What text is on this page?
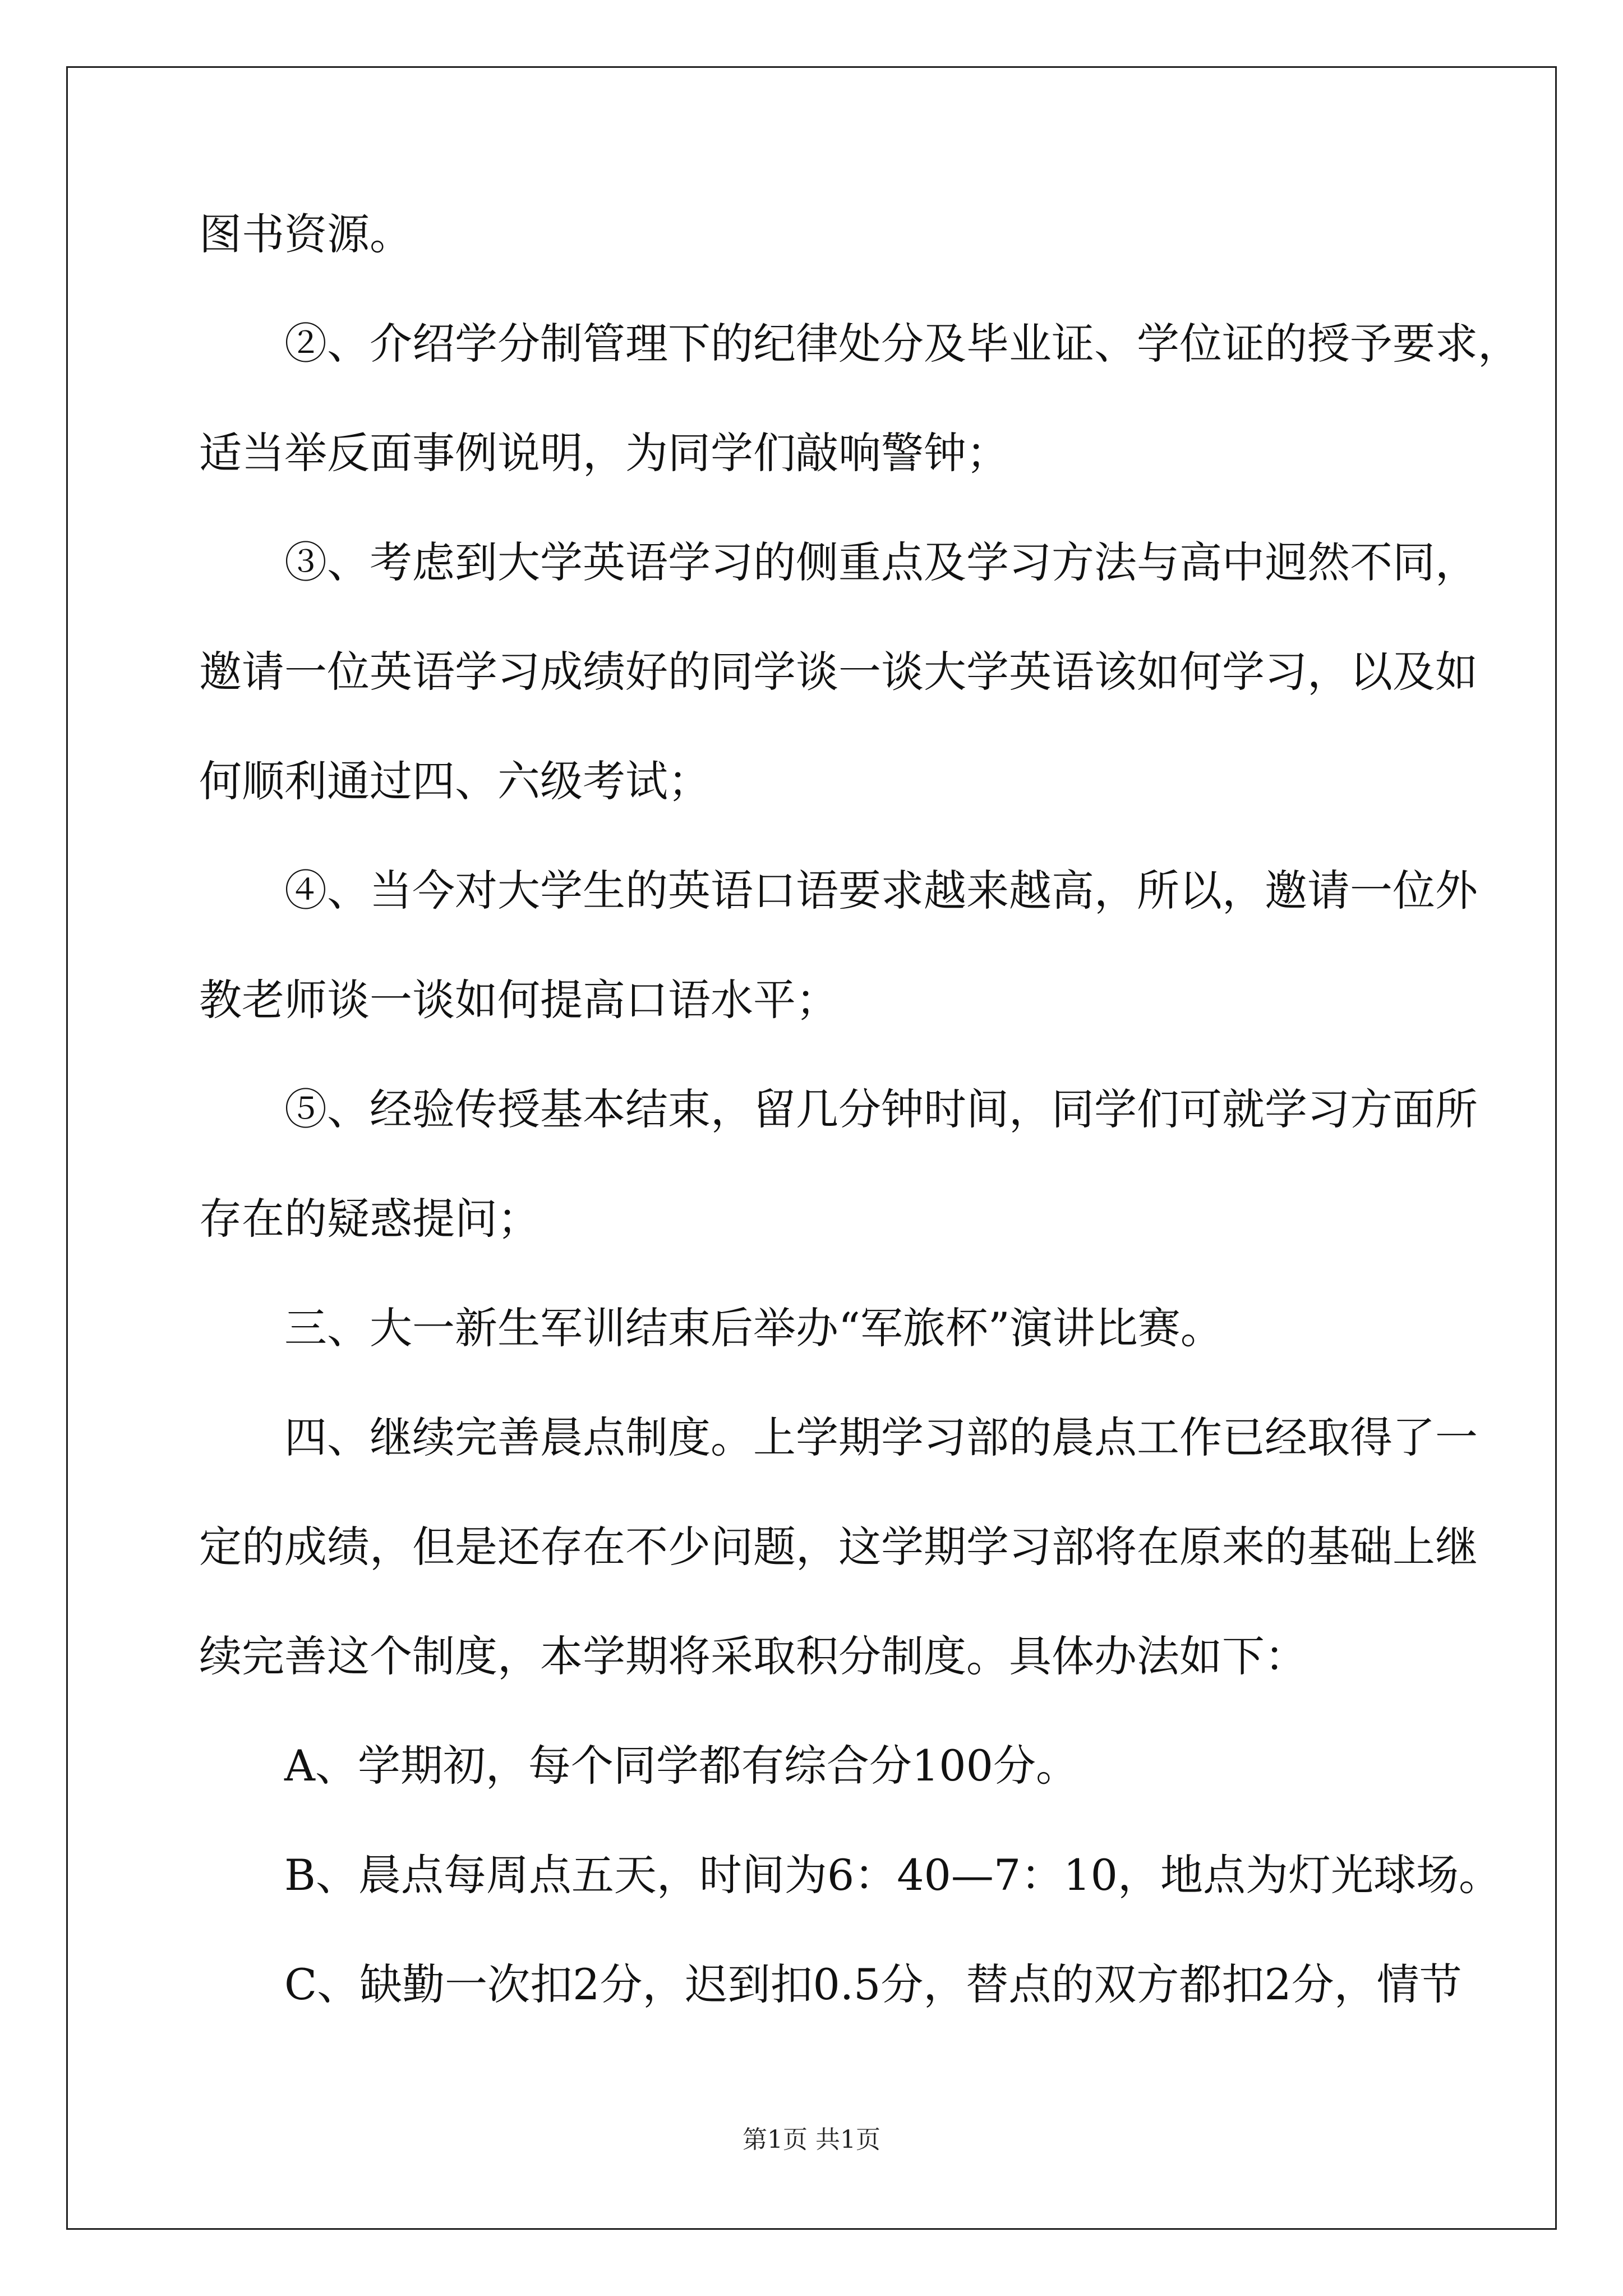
图书资源。
②、介绍学分制管理下的纪律处分及毕业证、学位证的授予要求，
适当举反面事例说明，为同学们敲响警钟；
③、考虑到大学英语学习的侧重点及学习方法与高中迥然不同，
邀请一位英语学习成绩好的同学谈一谈大学英语该如何学习，以及如
何顺利通过四、六级考试；
④、当今对大学生的英语口语要求越来越高，所以，邀请一位外
教老师谈一谈如何提高口语水平；
⑤、经验传授基本结束，留几分钟时间，同学们可就学习方面所
存在的疑惑提问；
三、大一新生军训结束后举办“军旅杯”演讲比赛。
四、继续完善晨点制度。上学期学习部的晨点工作已经取得了一
定的成绩，但是还存在不少问题，这学期学习部将在原来的基础上继
续完善这个制度，本学期将采取积分制度。具体办法如下：
A、学期初，每个同学都有综合分100分。
B、晨点每周点五天，时间为6：40—7：10，地点为灯光球场。
C、缺勤一次扣2分，迟到扣0.5分，替点的双方都扣2分，情节
第1页 共1页
